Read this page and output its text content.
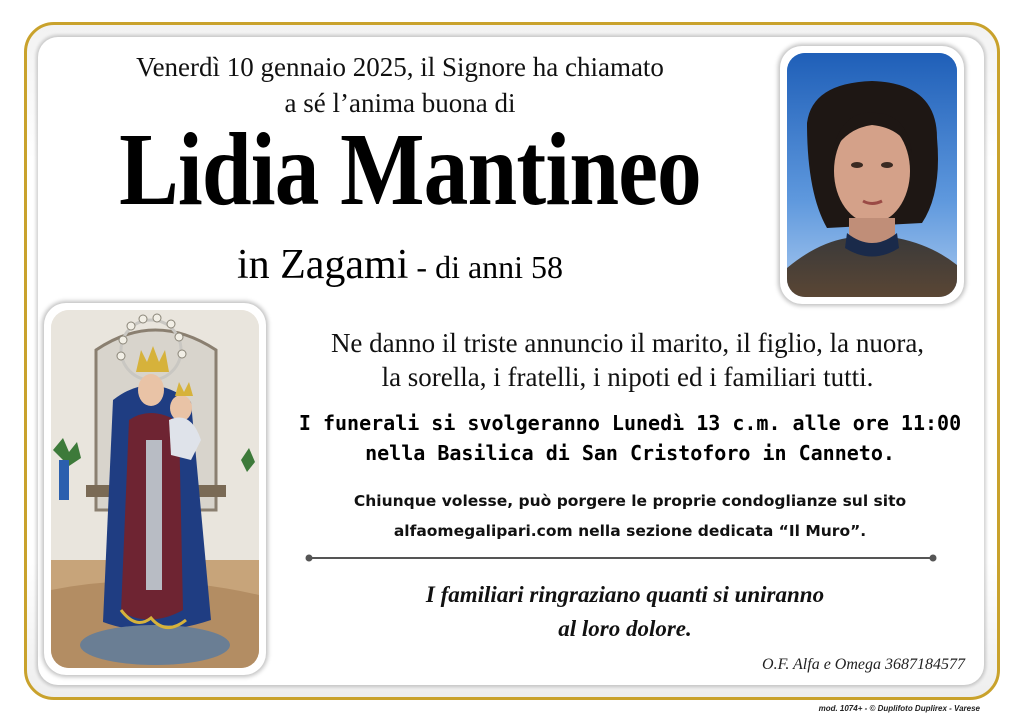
Venerdì 10 gennaio 2025, il Signore ha chiamato
a sé l’anima buona di
Lidia Mantineo
in Zagami - di anni 58
Ne danno il triste annuncio il marito, il figlio, la nuora,
la sorella, i fratelli, i nipoti ed i familiari tutti.
I funerali si svolgeranno Lunedì 13 c.m. alle ore 11:00
nella Basilica di San Cristoforo in Canneto.
Chiunque volesse, può porgere le proprie condoglianze sul sito
alfaomegalipari.com nella sezione dedicata “Il Muro”.
I familiari ringraziano quanti si uniranno
al loro dolore.
O.F. Alfa e Omega 3687184577
mod. 1074+ - © Duplifoto Duplirex - Varese
